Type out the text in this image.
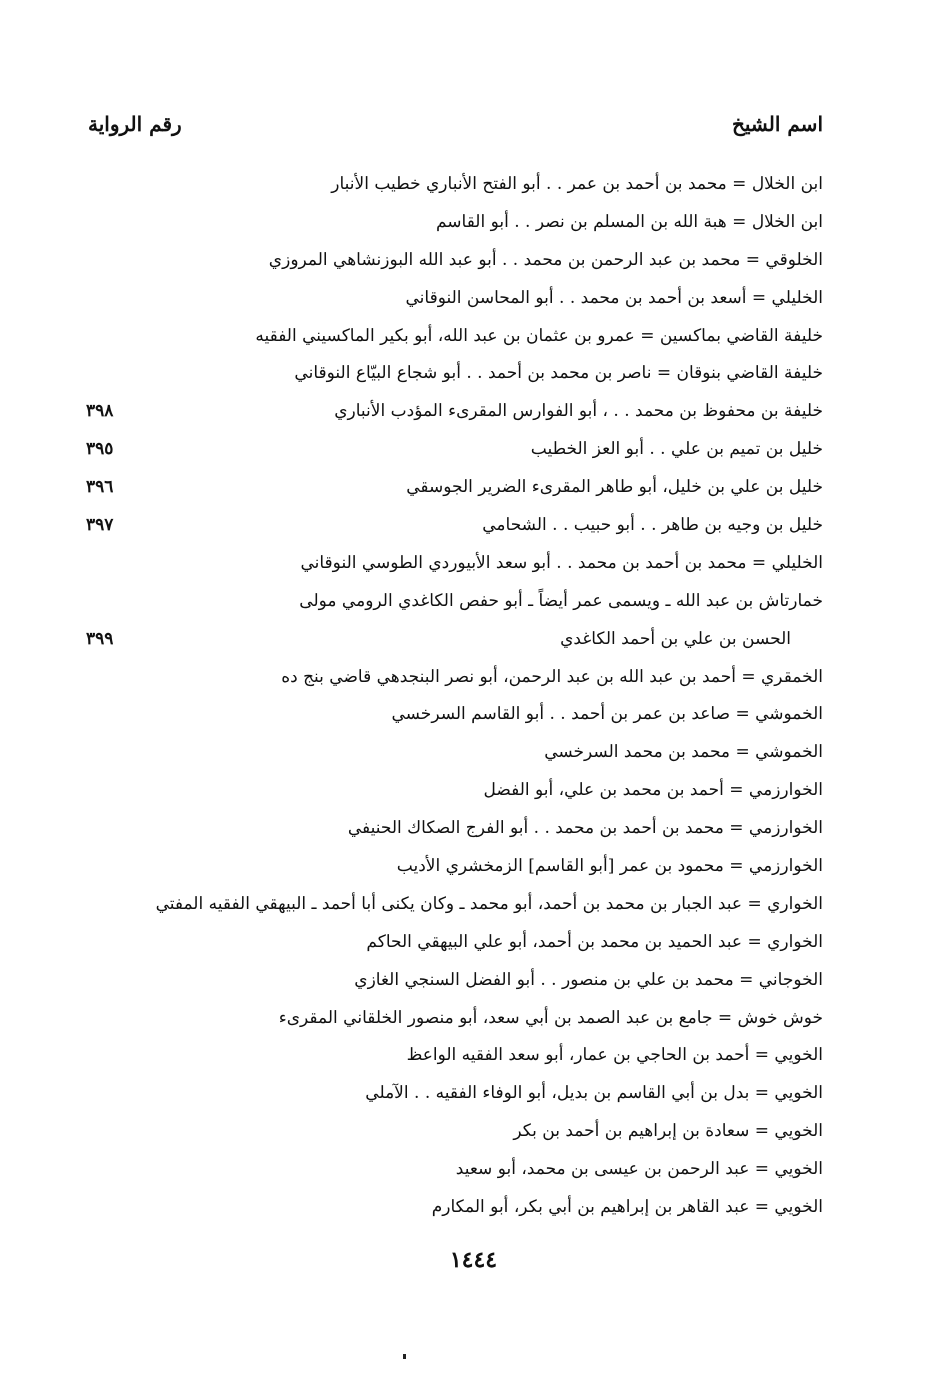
اسم الشيخ
رقم الرواية
ابن الخلال = محمد بن أحمد بن عمر . . أبو الفتح الأنباري خطيب الأنبار
ابن الخلال = هبة الله بن المسلم بن نصر . . أبو القاسم
الخلوقي = محمد بن عبد الرحمن بن محمد . . أبو عبد الله البوزنشاهي المروزي
الخليلي = أسعد بن أحمد بن محمد . . أبو المحاسن النوقاني
خليفة القاضي بماكسين = عمرو بن عثمان بن عبد الله، أبو بكير الماكسيني الفقيه
خليفة القاضي بنوقان = ناصر بن محمد بن أحمد . . أبو شجاع البيّاع النوقاني
خليفة بن محفوظ بن محمد . . ، أبو الفوارس المقرىء المؤدب الأنباري
٣٩٨
خليل بن تميم بن علي . . أبو العز الخطيب
٣٩٥
خليل بن علي بن خليل، أبو طاهر المقرىء الضرير الجوسقي
٣٩٦
خليل بن وجيه بن طاهر . . أبو حبيب . . الشحامي
٣٩٧
الخليلي = محمد بن أحمد بن محمد . . أبو سعد الأبيوردي الطوسي النوقاني
خمارتاش بن عبد الله ـ ويسمى عمر أيضاً ـ أبو حفص الكاغدي الرومي مولى
الحسن بن علي بن أحمد الكاغدي
٣٩٩
الخمقري = أحمد بن عبد الله بن عبد الرحمن، أبو نصر البنجدهي قاضي بنج ده
الخموشي = صاعد بن عمر بن أحمد . . أبو القاسم السرخسي
الخموشي = محمد بن محمد السرخسي
الخوارزمي = أحمد بن محمد بن علي، أبو الفضل
الخوارزمي = محمد بن أحمد بن محمد . . أبو الفرج الصكاك الحنيفي
الخوارزمي = محمود بن عمر [أبو القاسم] الزمخشري الأديب
الخواري = عبد الجبار بن محمد بن أحمد، أبو محمد ـ وكان يكنى أبا أحمد ـ البيهقي الفقيه المفتي
الخواري = عبد الحميد بن محمد بن أحمد، أبو علي البيهقي الحاكم
الخوجاني = محمد بن علي بن منصور . . أبو الفضل السنجي الغازي
خوش خوش = جامع بن عبد الصمد بن أبي سعد، أبو منصور الخلقاني المقرىء
الخويي = أحمد بن الحاجي بن عمار، أبو سعد الفقيه الواعظ
الخويي = بدل بن أبي القاسم بن بديل، أبو الوفاء الفقيه . . الآملي
الخويي = سعادة بن إبراهيم بن أحمد بن بكر
الخويي = عبد الرحمن بن عيسى بن محمد، أبو سعيد
الخويي = عبد القاهر بن إبراهيم بن أبي بكر، أبو المكارم
١٤٤٤
